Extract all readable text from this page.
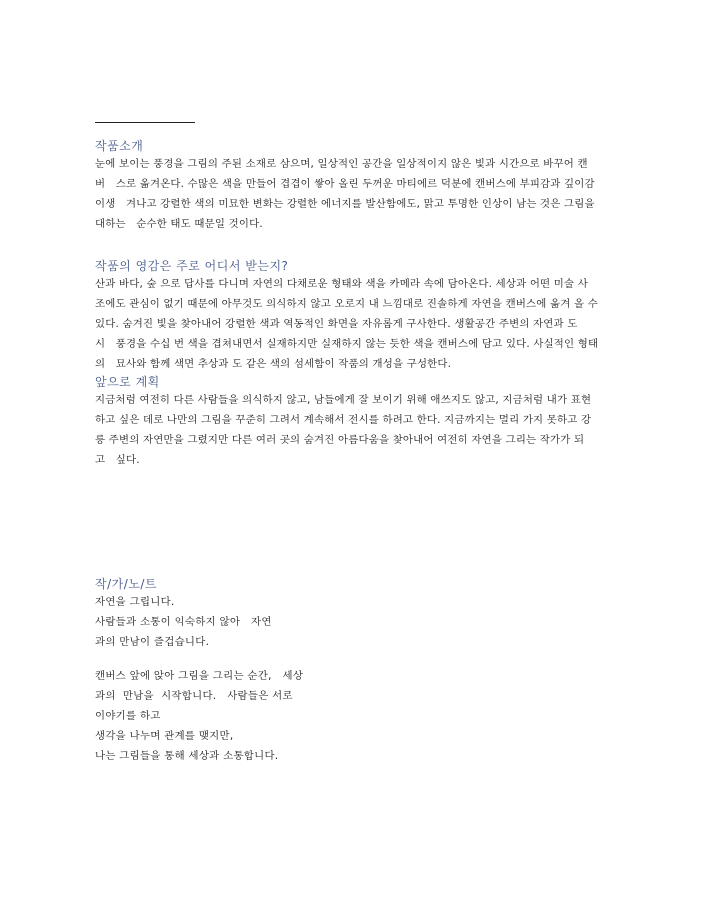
작품소개

눈에 보이는 풍경을 그림의 주된 소재로 삼으며, 일상적인 공간을 일상적이지 않은 빛과 시간으로 바꾸어 캔

버   스로 옮겨온다. 수많은 색을 만들어 겹겹이 쌓아 올린 두꺼운 마티에르 덕분에 캔버스에 부피감과 깊이감

이생   겨나고 강렬한 색의 미묘한 변화는 강렬한 에너지를 발산함에도, 맑고 투명한 인상이 남는 것은 그림을

대하는   순수한 태도 때문일 것이다.

작품의 영감은 주로 어디서 받는지?

산과 바다, 숲 으로 답사를 다니며 자연의 다채로운 형태와 색을 카메라 속에 담아온다. 세상과 어떤 미술 사

조에도 관심이 없기 때문에 아무것도 의식하지 않고 오로지 내 느낌대로 진솔하게 자연을 캔버스에 옮겨 올 수

있다. 숨겨진 빛을 찾아내어 강렬한 색과 역동적인 화면을 자유롭게 구사한다. 생활공간 주변의 자연과 도

시   풍경을 수십 번 색을 겹쳐내면서 실재하지만 실재하지 않는 듯한 색을 캔버스에 담고 있다. 사실적인 형태

의   묘사와 함께 색면 추상과 도 같은 색의 섬세함이 작품의 개성을 구성한다.

앞으로 계획

지금처럼 여전히 다른 사람들을 의식하지 않고, 남들에게 잘 보이기 위해 애쓰지도 않고, 지금처럼 내가 표현

하고 싶은 데로 나만의 그림을 꾸준히 그려서 계속해서 전시를 하려고 한다. 지금까지는 멀리 가지 못하고 강

릉 주변의 자연만을 그렸지만 다른 여러 곳의 숨겨진 아름다움을 찾아내어 여전히 자연을 그리는 작가가 되

고   싶다.

작/가/노/트

자연을 그립니다.

사람들과 소통이 익숙하지 않아   자연

과의 만남이 즐겁습니다.

캔버스 앞에 앉아 그림을 그리는 순간,   세상

과의  만남을  시작합니다.   사람들은 서로

이야기를 하고

생각을 나누며 관계를 맺지만,

나는 그림들을 통해 세상과 소통합니다.
